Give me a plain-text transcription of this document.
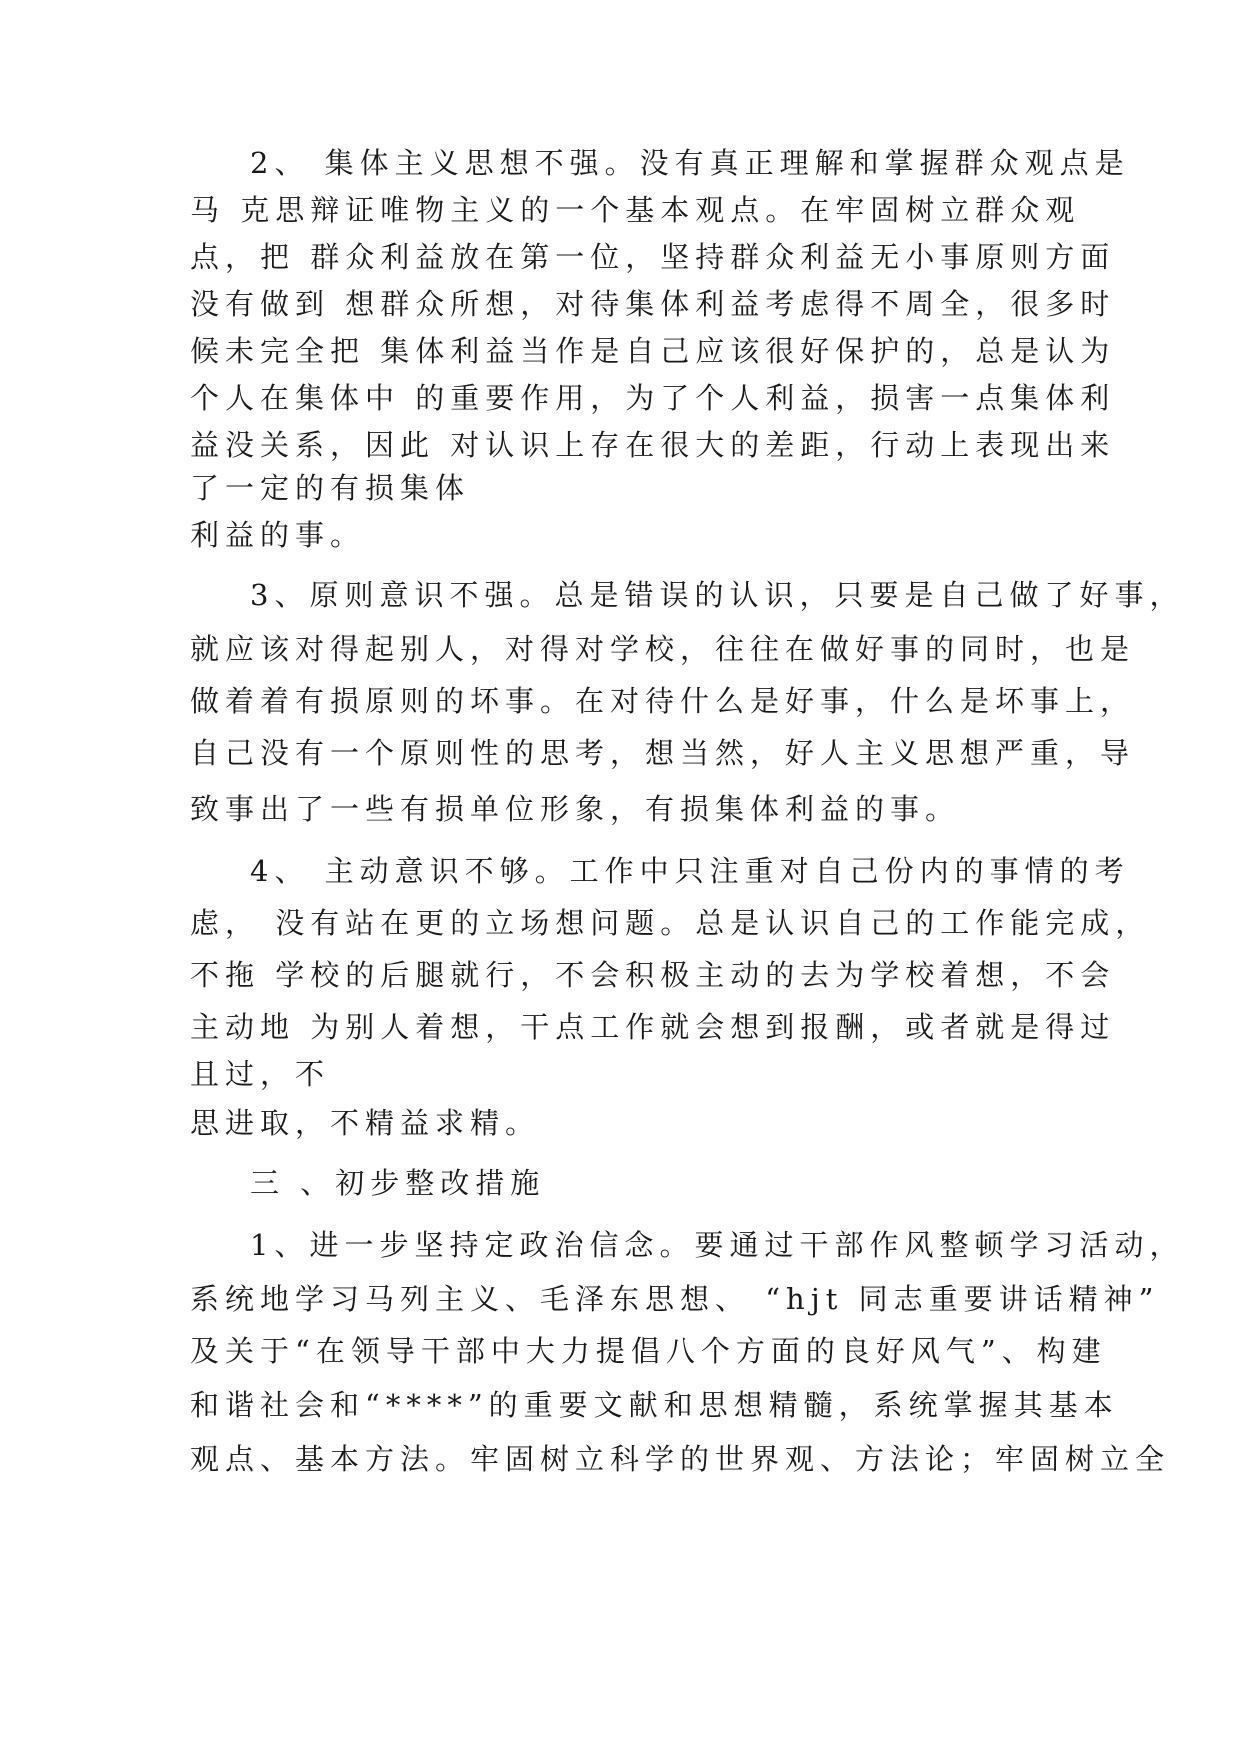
2、 集体主义思想不强。没有真正理解和掌握群众观点是
马 克思辩证唯物主义的一个基本观点。在牢固树立群众观
点，把 群众利益放在第一位，坚持群众利益无小事原则方面
没有做到 想群众所想，对待集体利益考虑得不周全，很多时
候未完全把 集体利益当作是自己应该很好保护的，总是认为
个人在集体中 的重要作用，为了个人利益，损害一点集体利
益没关系，因此 对认识上存在很大的差距，行动上表现出来
了一定的有损集体
利益的事。
3、原则意识不强。总是错误的认识，只要是自己做了好事，
就应该对得起别人，对得对学校，往往在做好事的同时，也是
做着着有损原则的坏事。在对待什么是好事，什么是坏事上，
自己没有一个原则性的思考，想当然，好人主义思想严重，导
致事出了一些有损单位形象，有损集体利益的事。
4、 主动意识不够。工作中只注重对自己份内的事情的考
虑， 没有站在更的立场想问题。总是认识自己的工作能完成，
不拖 学校的后腿就行，不会积极主动的去为学校着想，不会
主动地 为别人着想，干点工作就会想到报酬，或者就是得过
且过，不
思进取，不精益求精。
三 、初步整改措施
1、进一步坚持定政治信念。要通过干部作风整顿学习活动，
系统地学习马列主义、毛泽东思想、 “hjt 同志重要讲话精神”
及关于“在领导干部中大力提倡八个方面的良好风气”、构建
和谐社会和“****”的重要文献和思想精髓，系统掌握其基本
观点、基本方法。牢固树立科学的世界观、方法论；牢固树立全
